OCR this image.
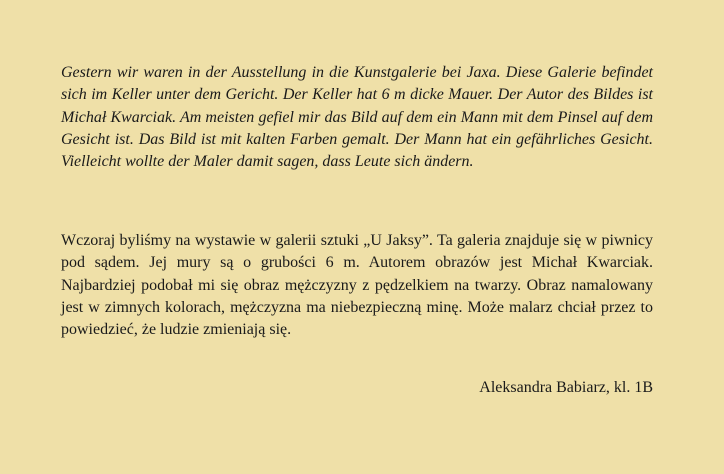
Gestern wir waren in der Ausstellung in die Kunstgalerie bei Jaxa. Diese Galerie befindet sich im Keller unter dem Gericht. Der Keller hat 6 m dicke Mauer. Der Autor des Bildes ist Michał Kwarciak. Am meisten gefiel mir das Bild auf dem ein Mann mit dem Pinsel auf dem Gesicht ist. Das Bild ist mit kalten Farben gemalt. Der Mann hat ein gefährliches Gesicht. Vielleicht wollte der Maler damit sagen, dass Leute sich ändern.

Wczoraj byliśmy na wystawie w galerii sztuki „U Jaksy”. Ta galeria znajduje się w piwnicy pod sądem. Jej mury są o grubości 6 m. Autorem obrazów jest Michał Kwarciak. Najbardziej podobał mi się obraz mężczyzny z pędzelkiem na twarzy. Obraz namalowany jest w zimnych kolorach, mężczyzna ma niebezpieczną minę. Może malarz chciał przez to powiedzieć, że ludzie zmieniają się.

Aleksandra Babiarz, kl. 1B
